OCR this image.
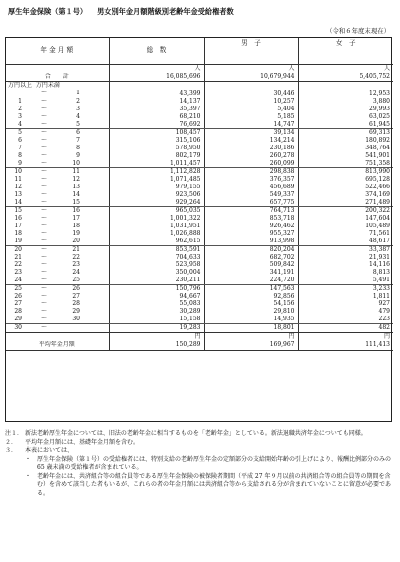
厚生年金保険（第１号） 男女別年金月額階級別老齢年金受給権者数
（令和６年度末現在）
年 金 月 額	総　数	男　子	女　子
	人	人	人
合　　計	16,085,696	10,679,944	5,405,752
万円以上 万円未満			

～ 1	43,399	30,446	12,953

1 ～ 2	14,137	10,257	3,880

2 ～ 3	35,397	5,404	29,993

3 ～ 4	68,210	5,185	63,025

4 ～ 5	76,692	14,747	61,945

5 ～ 6	108,457	39,134	69,313

6 ～ 7	315,106	134,214	180,892

7 ～ 8	578,950	230,186	348,764

8 ～ 9	802,179	260,278	541,901

9 ～ 10	1,011,457	260,099	751,358

10 ～ 11	1,112,828	298,838	813,990

11 ～ 12	1,071,485	376,357	695,128

12 ～ 13	979,155	456,689	522,466

13 ～ 14	923,506	549,337	374,169

14 ～ 15	929,264	657,775	271,489

15 ～ 16	965,035	764,713	200,322

16 ～ 17	1,001,322	853,718	147,604

17 ～ 18	1,031,951	926,462	105,489

18 ～ 19	1,026,888	955,327	71,561

19 ～ 20	962,615	913,998	48,617

20 ～ 21	853,591	820,204	33,387

21 ～ 22	704,633	682,702	21,931

22 ～ 23	523,958	509,842	14,116

23 ～ 24	350,004	341,191	8,813

24 ～ 25	230,211	224,720	5,491

25 ～ 26	150,796	147,563	3,233

26 ～ 27	94,667	92,856	1,811

27 ～ 28	55,083	54,156	927

28 ～ 29	30,289	29,810	479

29 ～ 30	15,158	14,935	223

30 ～	19,283	18,801	482
	円	円	円
平均年金月額	150,289	169,967	111,413
注１． 新法老齢厚生年金については、旧法の老齢年金に相当するものを「老齢年金」としている。新法退職共済年金についても同様。
２． 平均年金月額には、基礎年金月額を含む。
３． 本表においては、
・ 厚生年金保険（第１号）の受給権者には、特別支給の老齢厚生年金の定額部分の支給開始年齢の引上げにより、報酬比例部分のみの 65 歳未満の受給権者が含まれている。
・ 老齢年金には、共済組合等の組合員等である厚生年金保険の被保険者期間（平成 27 年９月以前の共済組合等の組合員等の期間を含む）を含めて該当した者もいるが、これらの者の年金月額には共済組合等から支給される分が含まれていないことに留意が必要である。
